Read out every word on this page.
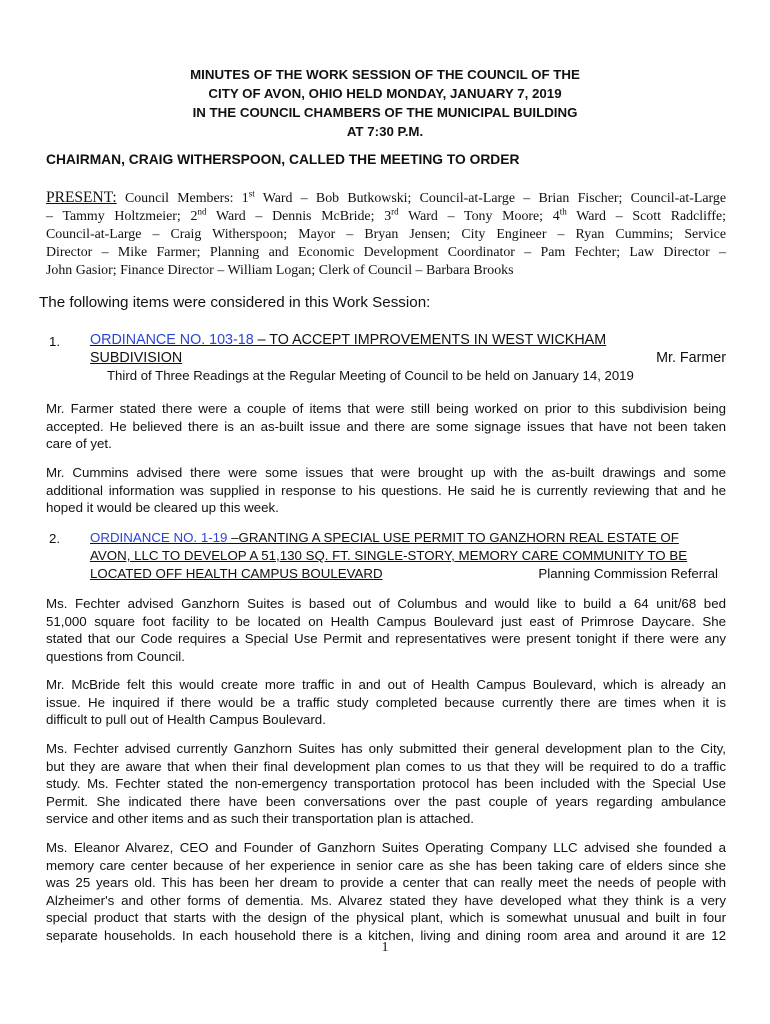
MINUTES OF THE WORK SESSION OF THE COUNCIL OF THE
CITY OF AVON, OHIO HELD MONDAY, JANUARY 7, 2019
IN THE COUNCIL CHAMBERS OF THE MUNICIPAL BUILDING
AT 7:30 P.M.
CHAIRMAN, CRAIG WITHERSPOON, CALLED THE MEETING TO ORDER
PRESENT: Council Members: 1st Ward – Bob Butkowski; Council-at-Large – Brian Fischer; Council-at-Large
– Tammy Holtzmeier; 2nd Ward – Dennis McBride; 3rd Ward – Tony Moore; 4th Ward – Scott Radcliffe;
Council-at-Large – Craig Witherspoon; Mayor – Bryan Jensen; City Engineer – Ryan Cummins; Service
Director – Mike Farmer; Planning and Economic Development Coordinator – Pam Fechter; Law Director –
John Gasior; Finance Director – William Logan; Clerk of Council – Barbara Brooks
The following items were considered in this Work Session:
1. ORDINANCE NO. 103-18 – TO ACCEPT IMPROVEMENTS IN WEST WICKHAM
SUBDIVISION	Mr. Farmer
Third of Three Readings at the Regular Meeting of Council to be held on January 14, 2019
Mr. Farmer stated there were a couple of items that were still being worked on prior to this subdivision being
accepted. He believed there is an as-built issue and there are some signage issues that have not been taken
care of yet.
Mr. Cummins advised there were some issues that were brought up with the as-built drawings and some
additional information was supplied in response to his questions. He said he is currently reviewing that and he
hoped it would be cleared up this week.
2. ORDINANCE NO. 1-19 –GRANTING A SPECIAL USE PERMIT TO GANZHORN REAL ESTATE OF
AVON, LLC TO DEVELOP A 51,130 SQ. FT. SINGLE-STORY, MEMORY CARE COMMUNITY TO BE
LOCATED OFF HEALTH CAMPUS BOULEVARD	Planning Commission Referral
Ms. Fechter advised Ganzhorn Suites is based out of Columbus and would like to build a 64 unit/68 bed
51,000 square foot facility to be located on Health Campus Boulevard just east of Primrose Daycare. She
stated that our Code requires a Special Use Permit and representatives were present tonight if there were any
questions from Council.
Mr. McBride felt this would create more traffic in and out of Health Campus Boulevard, which is already an
issue. He inquired if there would be a traffic study completed because currently there are times when it is
difficult to pull out of Health Campus Boulevard.
Ms. Fechter advised currently Ganzhorn Suites has only submitted their general development plan to the City,
but they are aware that when their final development plan comes to us that they will be required to do a traffic
study. Ms. Fechter stated the non-emergency transportation protocol has been included with the Special Use
Permit. She indicated there have been conversations over the past couple of years regarding ambulance
service and other items and as such their transportation plan is attached.
Ms. Eleanor Alvarez, CEO and Founder of Ganzhorn Suites Operating Company LLC advised she founded a
memory care center because of her experience in senior care as she has been taking care of elders since she
was 25 years old. This has been her dream to provide a center that can really meet the needs of people with
Alzheimer's and other forms of dementia. Ms. Alvarez stated they have developed what they think is a very
special product that starts with the design of the physical plant, which is somewhat unusual and built in four
separate households. In each household there is a kitchen, living and dining room area and around it are 12
1
